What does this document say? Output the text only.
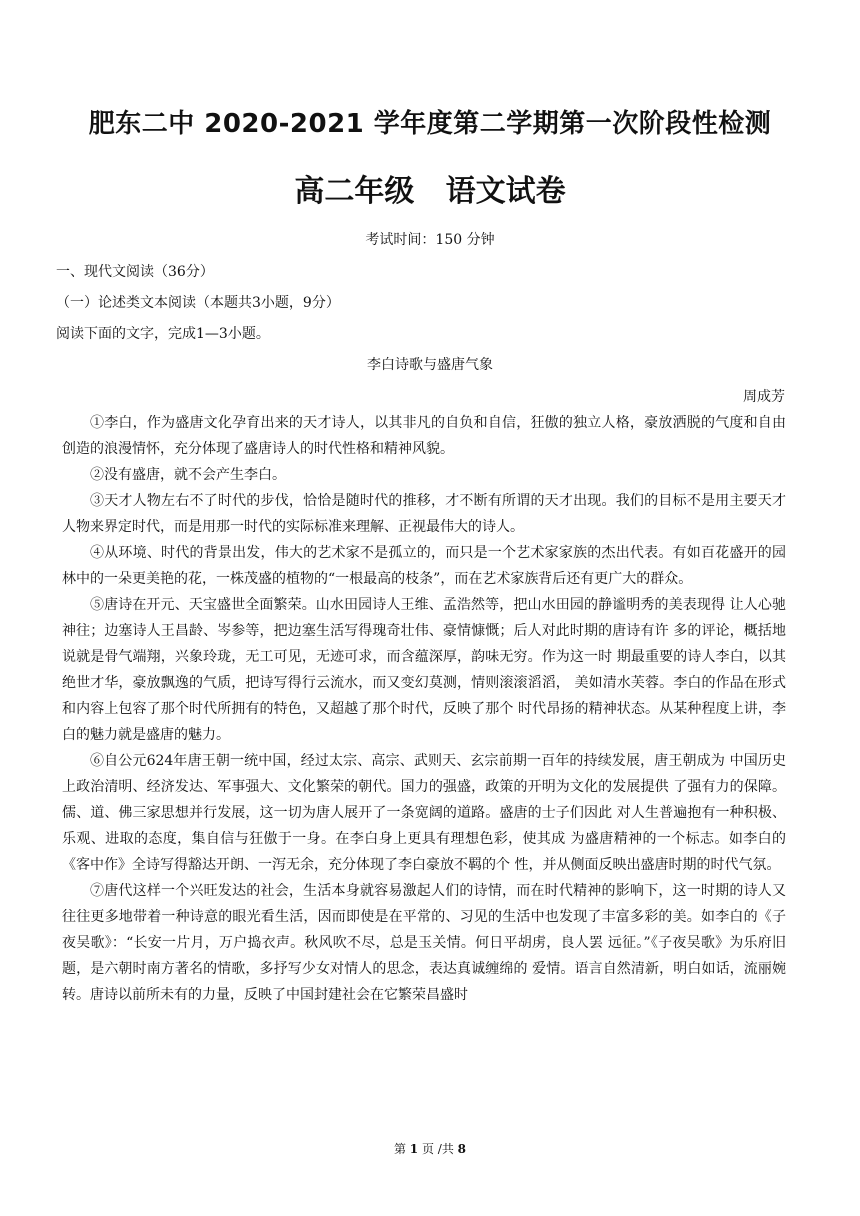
肥东二中 2020-2021 学年度第二学期第一次阶段性检测
高二年级   语文试卷
考试时间：150 分钟
一、现代文阅读（36分）
（一）论述类文本阅读（本题共3小题，9分）
阅读下面的文字，完成1—3小题。
李白诗歌与盛唐气象
周成芳

①李白，作为盛唐文化孕育出来的天才诗人，以其非凡的自负和自信，狂傲的独立人格，豪放洒脱的气度和自由创造的浪漫情怀，充分体现了盛唐诗人的时代性格和精神风貌。

②没有盛唐，就不会产生李白。

③天才人物左右不了时代的步伐，恰恰是随时代的推移，才不断有所谓的天才出现。我们的目标不是用主要天才人物来界定时代，而是用那一时代的实际标准来理解、正视最伟大的诗人。

④从环境、时代的背景出发，伟大的艺术家不是孤立的，而只是一个艺术家家族的杰出代表。有如百花盛开的园林中的一朵更美艳的花，一株茂盛的植物的“一根最高的枝条”，而在艺术家族背后还有更广大的群众。

⑤唐诗在开元、天宝盛世全面繁荣。山水田园诗人王维、孟浩然等，把山水田园的静谧明秀的美表现得 让人心驰神往；边塞诗人王昌龄、岑参等，把边塞生活写得瑰奇壮伟、豪情慷慨；后人对此时期的唐诗有许 多的评论，概括地说就是骨气端翔，兴象玲珑，无工可见，无迹可求，而含蕴深厚，韵味无穷。作为这一时 期最重要的诗人李白，以其绝世才华，豪放飘逸的气质，把诗写得行云流水，而又变幻莫测，情则滚滚滔滔， 美如清水芙蓉。李白的作品在形式和内容上包容了那个时代所拥有的特色，又超越了那个时代，反映了那个 时代昂扬的精神状态。从某种程度上讲，李白的魅力就是盛唐的魅力。

⑥自公元624年唐王朝一统中国，经过太宗、高宗、武则天、玄宗前期一百年的持续发展，唐王朝成为 中国历史上政治清明、经济发达、军事强大、文化繁荣的朝代。国力的强盛，政策的开明为文化的发展提供 了强有力的保障。儒、道、佛三家思想并行发展，这一切为唐人展开了一条宽阔的道路。盛唐的士子们因此 对人生普遍抱有一种积极、乐观、进取的态度，集自信与狂傲于一身。在李白身上更具有理想色彩，使其成 为盛唐精神的一个标志。如李白的《客中作》全诗写得豁达开朗、一泻无余，充分体现了李白豪放不羁的个 性，并从侧面反映出盛唐时期的时代气氛。

⑦唐代这样一个兴旺发达的社会，生活本身就容易激起人们的诗情，而在时代精神的影响下，这一时期的诗人又往往更多地带着一种诗意的眼光看生活，因而即使是在平常的、习见的生活中也发现了丰富多彩的美。如李白的《子夜吴歌》：“长安一片月，万户捣衣声。秋风吹不尽，总是玉关情。何日平胡虏，良人罢 远征。”《子夜吴歌》为乐府旧题，是六朝时南方著名的情歌，多抒写少女对情人的思念，表达真诚缠绵的 爱情。语言自然清新，明白如话，流丽婉转。唐诗以前所未有的力量，反映了中国封建社会在它繁荣昌盛时

第 1 页 /共 8
